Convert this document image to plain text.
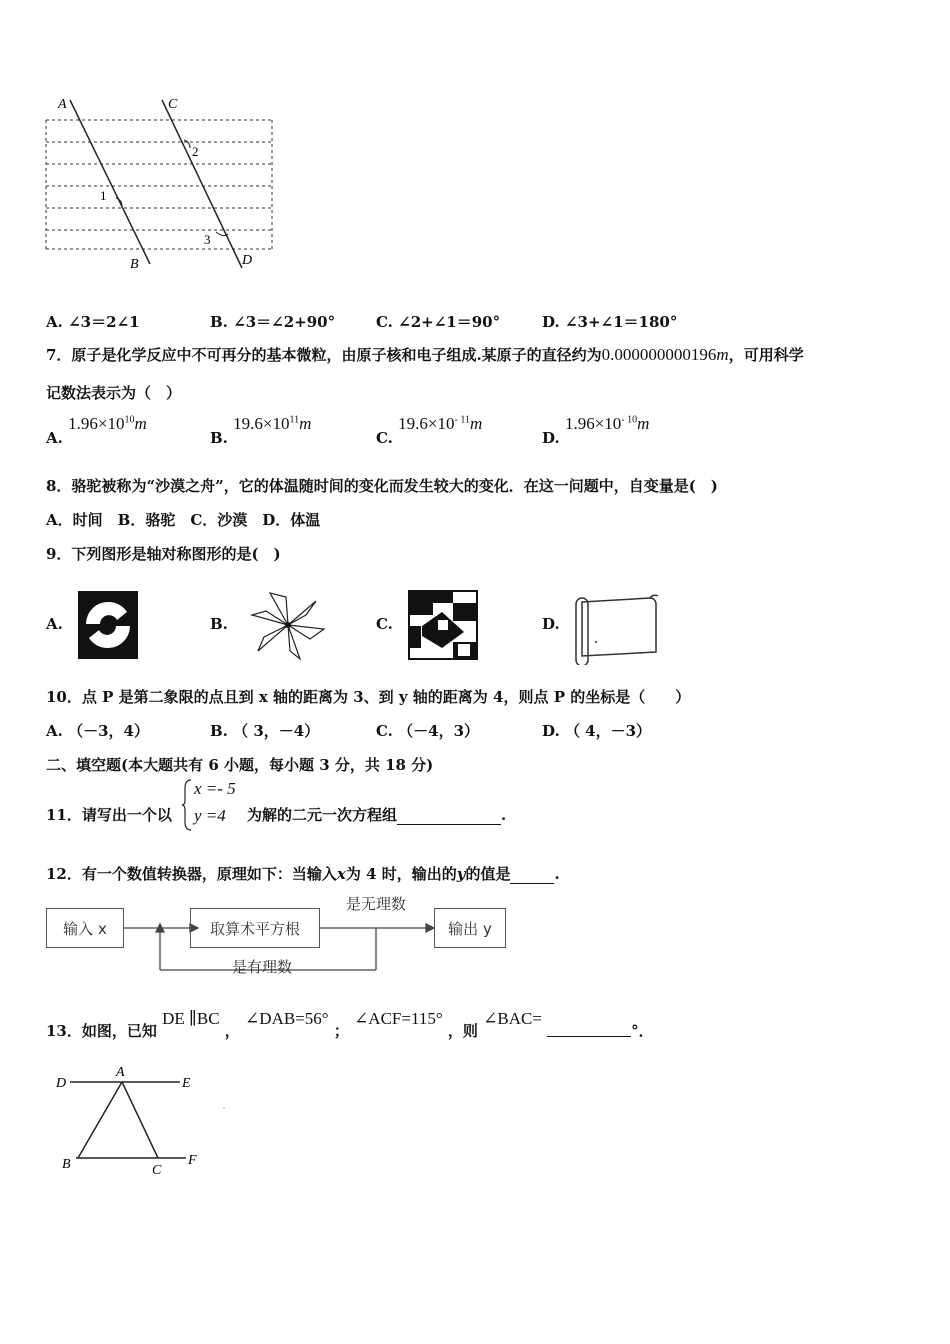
A	C
B	D
1
2
3
A. ∠3＝2∠1	B. ∠3＝∠2+90°	C. ∠2+∠1＝90°	D. ∠3+∠1＝180°
7．原子是化学反应中不可再分的基本微粒，由原子核和电子组成.某原子的直径约为0.000000000196m，可用科学
记数法表示为（　）
A. $1.96\times 10^{10}m$
B. $19.6\times 10^{11}m$
C. $19.6\times 10^{- 11}m$
D. $1.96\times 10^{- 10}m$
8．骆驼被称为“沙漠之舟”，它的体温随时间的变化而发生较大的变化．在这一问题中，自变量是(　)
A．时间　B．骆驼　C．沙漠　D．体温
9．下列图形是轴对称图形的是(　)
A.	B.	C.	D.
10．点 P 是第二象限的点且到 x 轴的距离为 3、到 y 轴的距离为 4，则点 P 的坐标是（　　）
A. （－3，4）	B. （ 3，－4）	C. （－4，3）	D. （ 4，－3）
二、填空题(本大题共有 6 小题，每小题 3 分，共 18 分)
11．请写出一个以
x =- 5
y =4 为解的二元一次方程组	.
12．有一个数值转换器，原理如下：当输入x为 4 时，输出的y的值是	.
输入 x	取算术平方根	输出 y
是无理数
是有理数
13．如图，已知 DE ∥BC ， ∠DAB=56° ； ∠ACF=115° ，则 ∠BAC= °．
D
A
E
B	C
F
